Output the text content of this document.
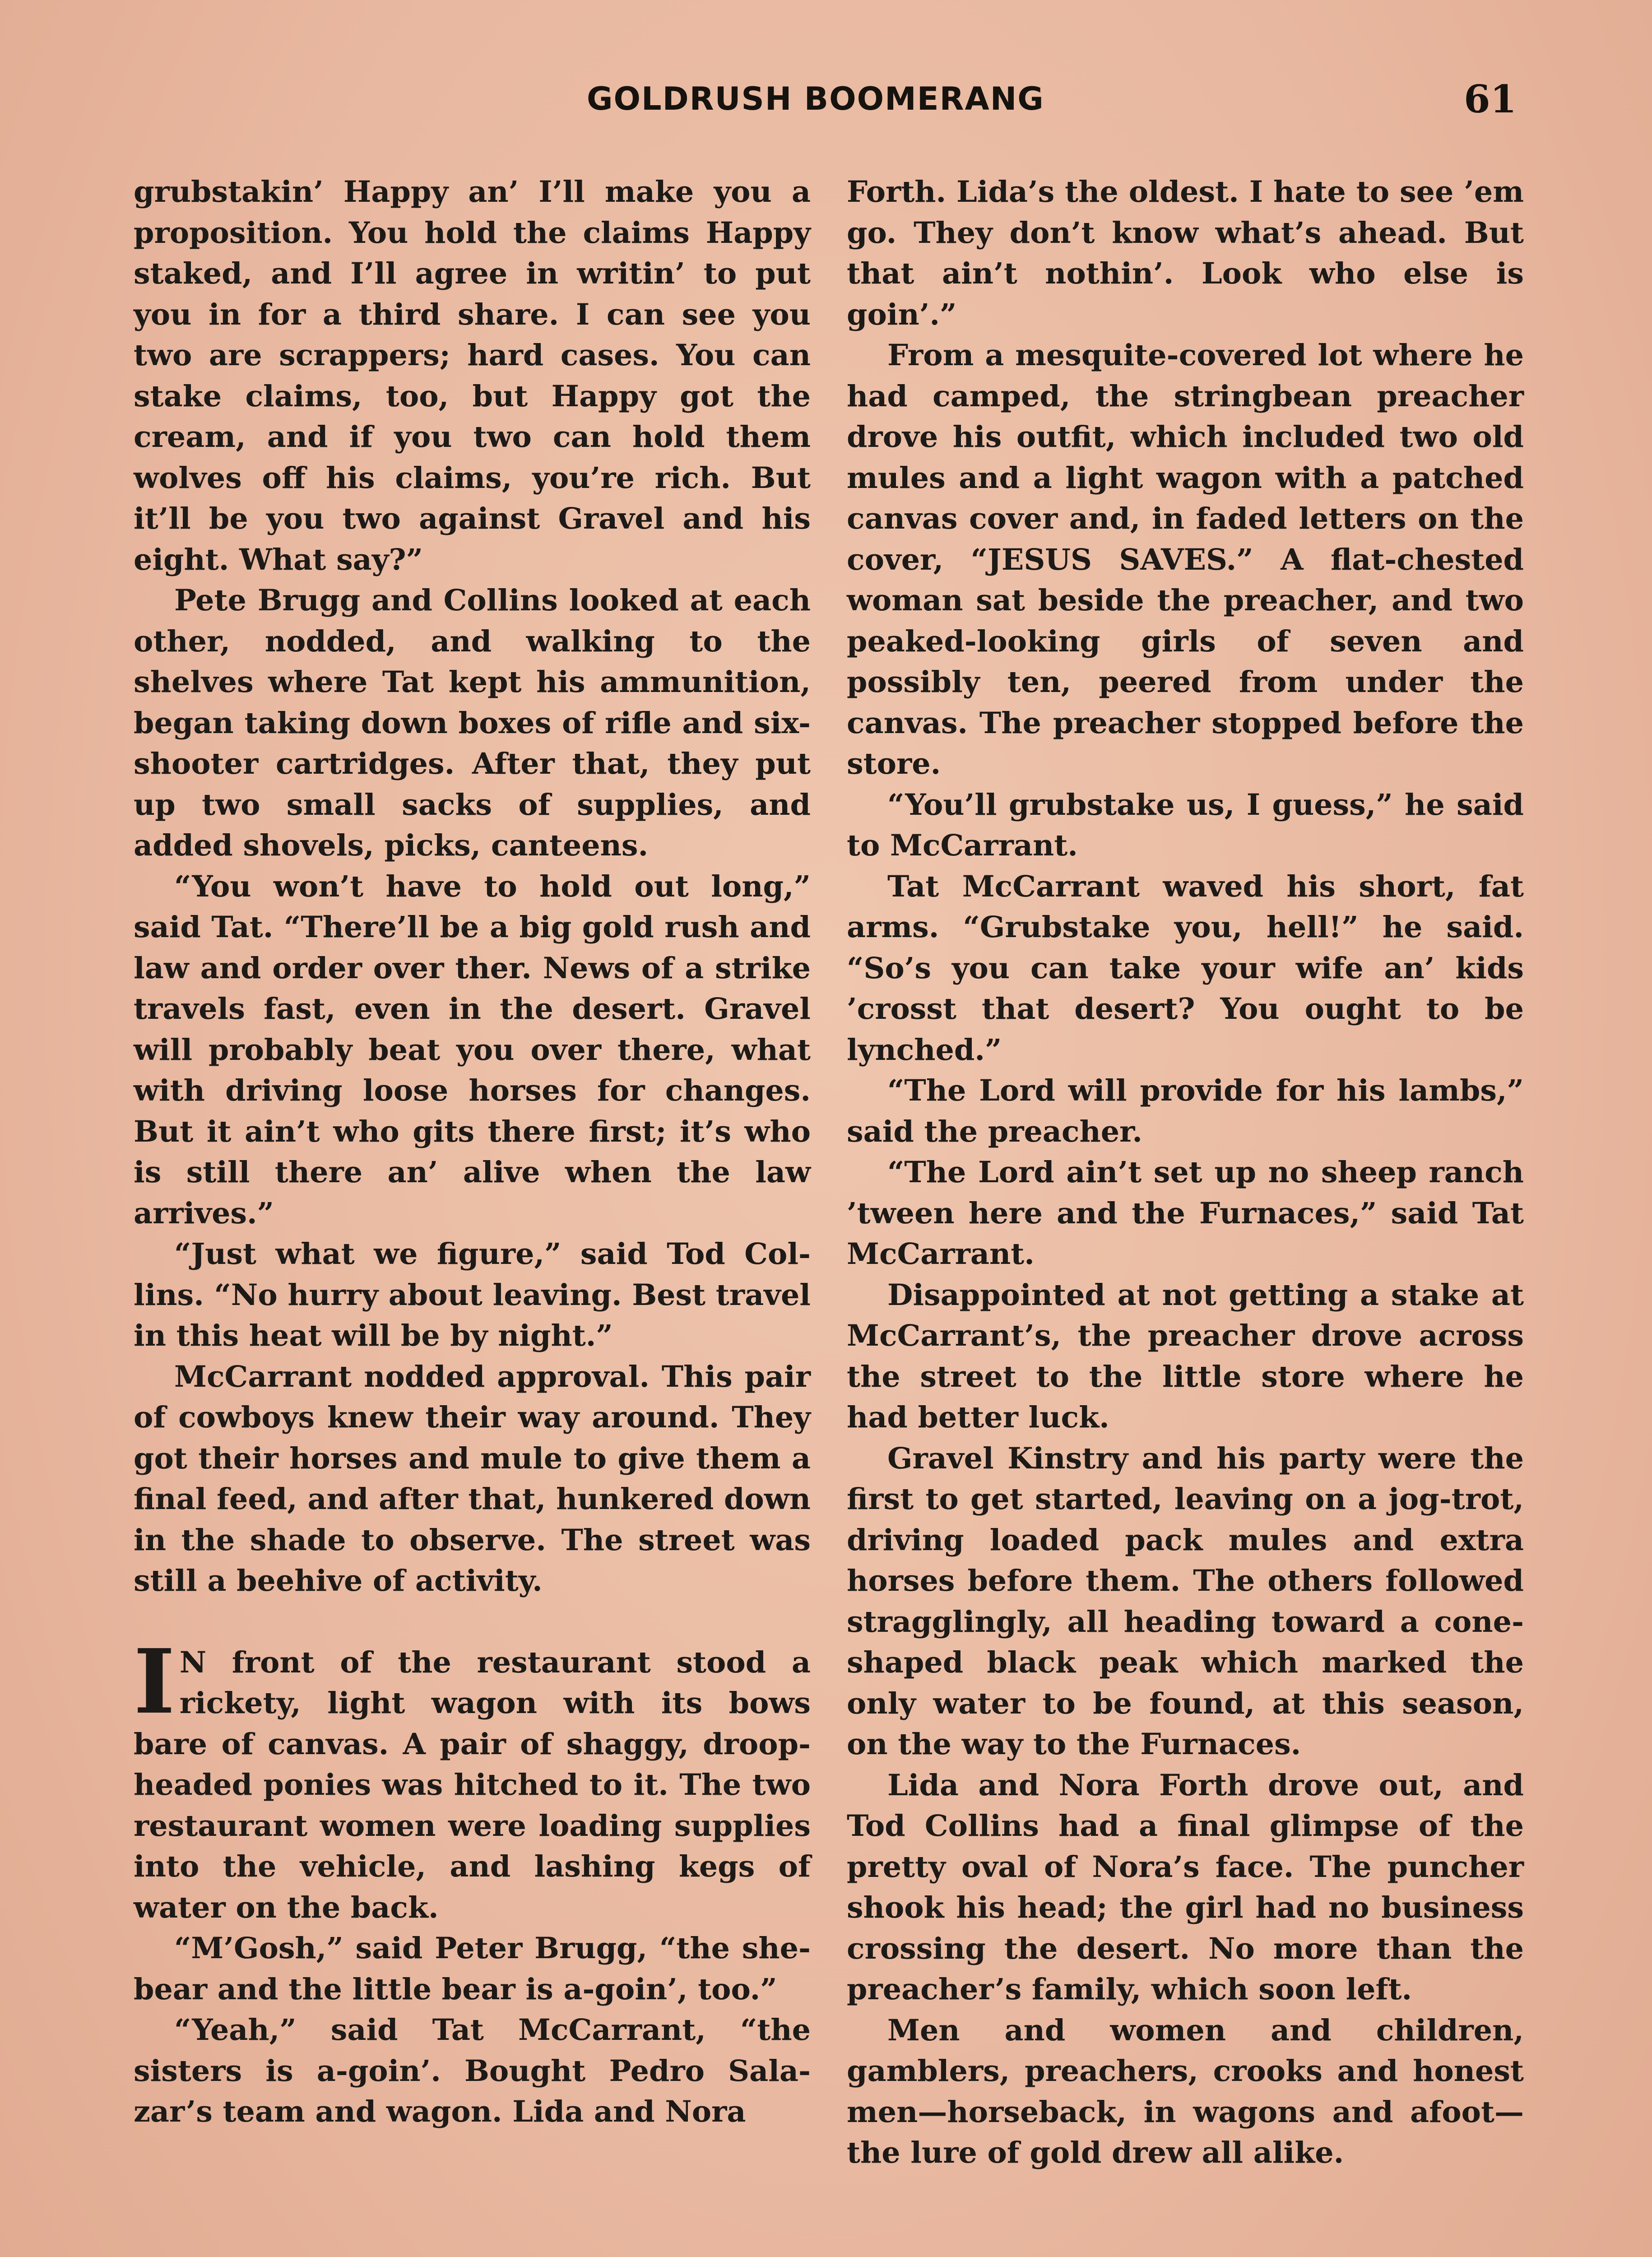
GOLDRUSH BOOMERANG	61

grubstakin’ Happy an’ I’ll make you a proposition. You hold the claims Happy staked, and I’ll agree in writin’ to put you in for a third share. I can see you two are scrappers; hard cases. You can stake claims, too, but Happy got the cream, and if you two can hold them wolves off his claims, you’re rich. But it’ll be you two against Gravel and his eight. What say?”

Pete Brugg and Collins looked at each other, nodded, and walking to the shelves where Tat kept his ammunition, began taking down boxes of rifle and six-shooter cartridges. After that, they put up two small sacks of supplies, and added shovels, picks, canteens.

“You won’t have to hold out long,” said Tat. “There’ll be a big gold rush and law and order over ther. News of a strike travels fast, even in the desert. Gravel will probably beat you over there, what with driving loose horses for changes. But it ain’t who gits there first; it’s who is still there an’ alive when the law arrives.”

“Just what we figure,” said Tod Collins. “No hurry about leaving. Best travel in this heat will be by night.”

McCarrant nodded approval. This pair of cowboys knew their way around. They got their horses and mule to give them a final feed, and after that, hunkered down in the shade to observe. The street was still a beehive of activity.

I N front of the restaurant stood a rickety, light wagon with its bows bare of canvas. A pair of shaggy, droop-headed ponies was hitched to it. The two restaurant women were loading supplies into the vehicle, and lashing kegs of water on the back.

“M’Gosh,” said Peter Brugg, “the she-bear and the little bear is a-goin’, too.”

“Yeah,” said Tat McCarrant, “the sisters is a-goin’. Bought Pedro Salazar’s team and wagon. Lida and Nora

Forth. Lida’s the oldest. I hate to see ’em go. They don’t know what’s ahead. But that ain’t nothin’. Look who else is goin’.”

From a mesquite-covered lot where he had camped, the stringbean preacher drove his outfit, which included two old mules and a light wagon with a patched canvas cover and, in faded letters on the cover, “JESUS SAVES.” A flat-chested woman sat beside the preacher, and two peaked-looking girls of seven and possibly ten, peered from under the canvas. The preacher stopped before the store.

“You’ll grubstake us, I guess,” he said to McCarrant.

Tat McCarrant waved his short, fat arms. “Grubstake you, hell!” he said. “So’s you can take your wife an’ kids ’crosst that desert? You ought to be lynched.”

“The Lord will provide for his lambs,” said the preacher.

“The Lord ain’t set up no sheep ranch ’tween here and the Furnaces,” said Tat McCarrant.

Disappointed at not getting a stake at McCarrant’s, the preacher drove across the street to the little store where he had better luck.

Gravel Kinstry and his party were the first to get started, leaving on a jog-trot, driving loaded pack mules and extra horses before them. The others followed stragglingly, all heading toward a cone-shaped black peak which marked the only water to be found, at this season, on the way to the Furnaces.

Lida and Nora Forth drove out, and Tod Collins had a final glimpse of the pretty oval of Nora’s face. The puncher shook his head; the girl had no business crossing the desert. No more than the preacher’s family, which soon left.

Men and women and children, gamblers, preachers, crooks and honest men—horseback, in wagons and afoot—the lure of gold drew all alike.
